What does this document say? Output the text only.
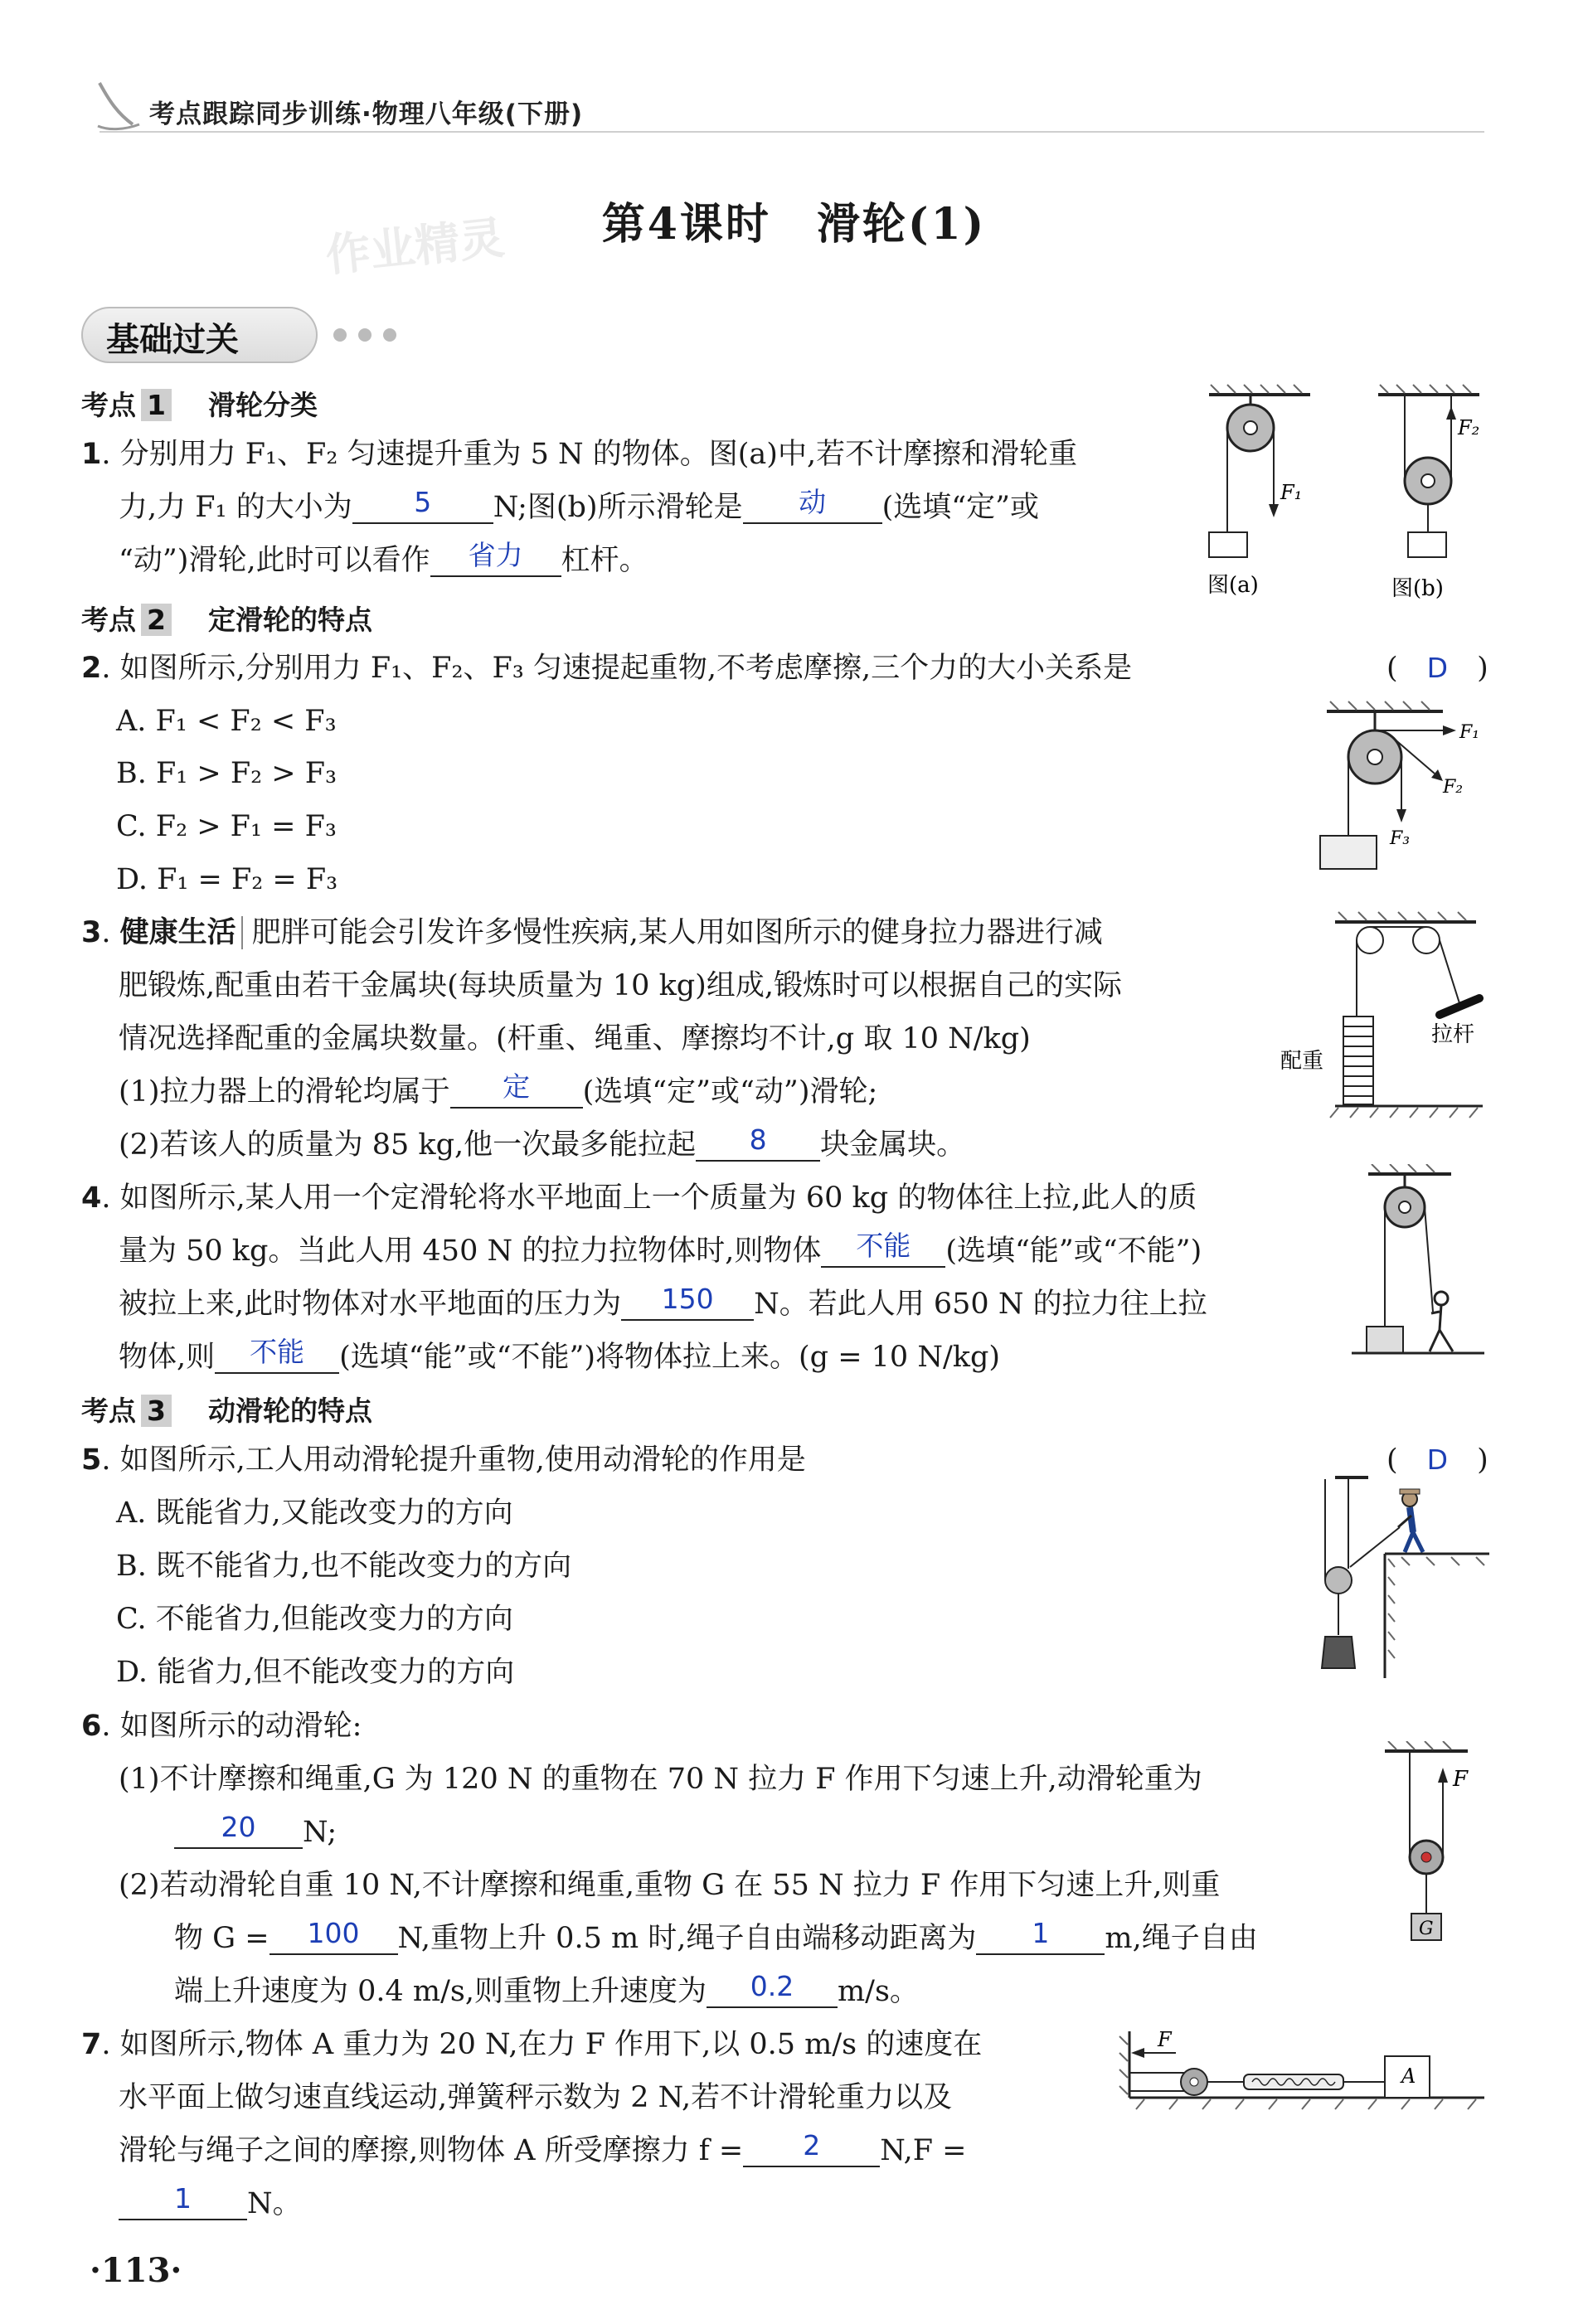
考点跟踪同步训练·物理八年级(下册)
作业精灵	第4课时　滑轮(1)
基础过关
考点 1 滑轮分类
1. 分别用力 F₁、F₂ 匀速提升重为 5 N 的物体。图(a)中,若不计摩擦和滑轮重
力,力 F₁ 的大小为 5 N;图(b)所示滑轮是 动 (选填“定”或
“动”)滑轮,此时可以看作 省力 杠杆。
F₁
图(a)
F₂
图(b)
考点 2 定滑轮的特点
2. 如图所示,分别用力 F₁、F₂、F₃ 匀速提起重物,不考虑摩擦,三个力的大小关系是	(　D　)
A. F₁ < F₂ < F₃
B. F₁ > F₂ > F₃
C. F₂ > F₁ = F₃
D. F₁ = F₂ = F₃
F₁
F₂
F₃
3. 健康生活 肥胖可能会引发许多慢性疾病,某人用如图所示的健身拉力器进行减
肥锻炼,配重由若干金属块(每块质量为 10 kg)组成,锻炼时可以根据自己的实际
情况选择配重的金属块数量。(杆重、绳重、摩擦均不计,g 取 10 N/kg)
(1)拉力器上的滑轮均属于 定 (选填“定”或“动”)滑轮;
(2)若该人的质量为 85 kg,他一次最多能拉起 8 块金属块。
拉杆
配重
4. 如图所示,某人用一个定滑轮将水平地面上一个质量为 60 kg 的物体往上拉,此人的质
量为 50 kg。当此人用 450 N 的拉力拉物体时,则物体 不能 (选填“能”或“不能”)
被拉上来,此时物体对水平地面的压力为 150 N。若此人用 650 N 的拉力往上拉
物体,则 不能 (选填“能”或“不能”)将物体拉上来。(g = 10 N/kg)
考点 3 动滑轮的特点
5. 如图所示,工人用动滑轮提升重物,使用动滑轮的作用是	(　D　)
A. 既能省力,又能改变力的方向
B. 既不能省力,也不能改变力的方向
C. 不能省力,但能改变力的方向
D. 能省力,但不能改变力的方向
6. 如图所示的动滑轮:
(1)不计摩擦和绳重,G 为 120 N 的重物在 70 N 拉力 F 作用下匀速上升,动滑轮重为
20 N;
(2)若动滑轮自重 10 N,不计摩擦和绳重,重物 G 在 55 N 拉力 F 作用下匀速上升,则重
物 G = 100 N,重物上升 0.5 m 时,绳子自由端移动距离为 1 m,绳子自由
端上升速度为 0.4 m/s,则重物上升速度为 0.2 m/s。
F
G
7. 如图所示,物体 A 重力为 20 N,在力 F 作用下,以 0.5 m/s 的速度在
水平面上做匀速直线运动,弹簧秤示数为 2 N,若不计滑轮重力以及
滑轮与绳子之间的摩擦,则物体 A 所受摩擦力 f = 2 N,F =
1 N。
F
A
·113·
